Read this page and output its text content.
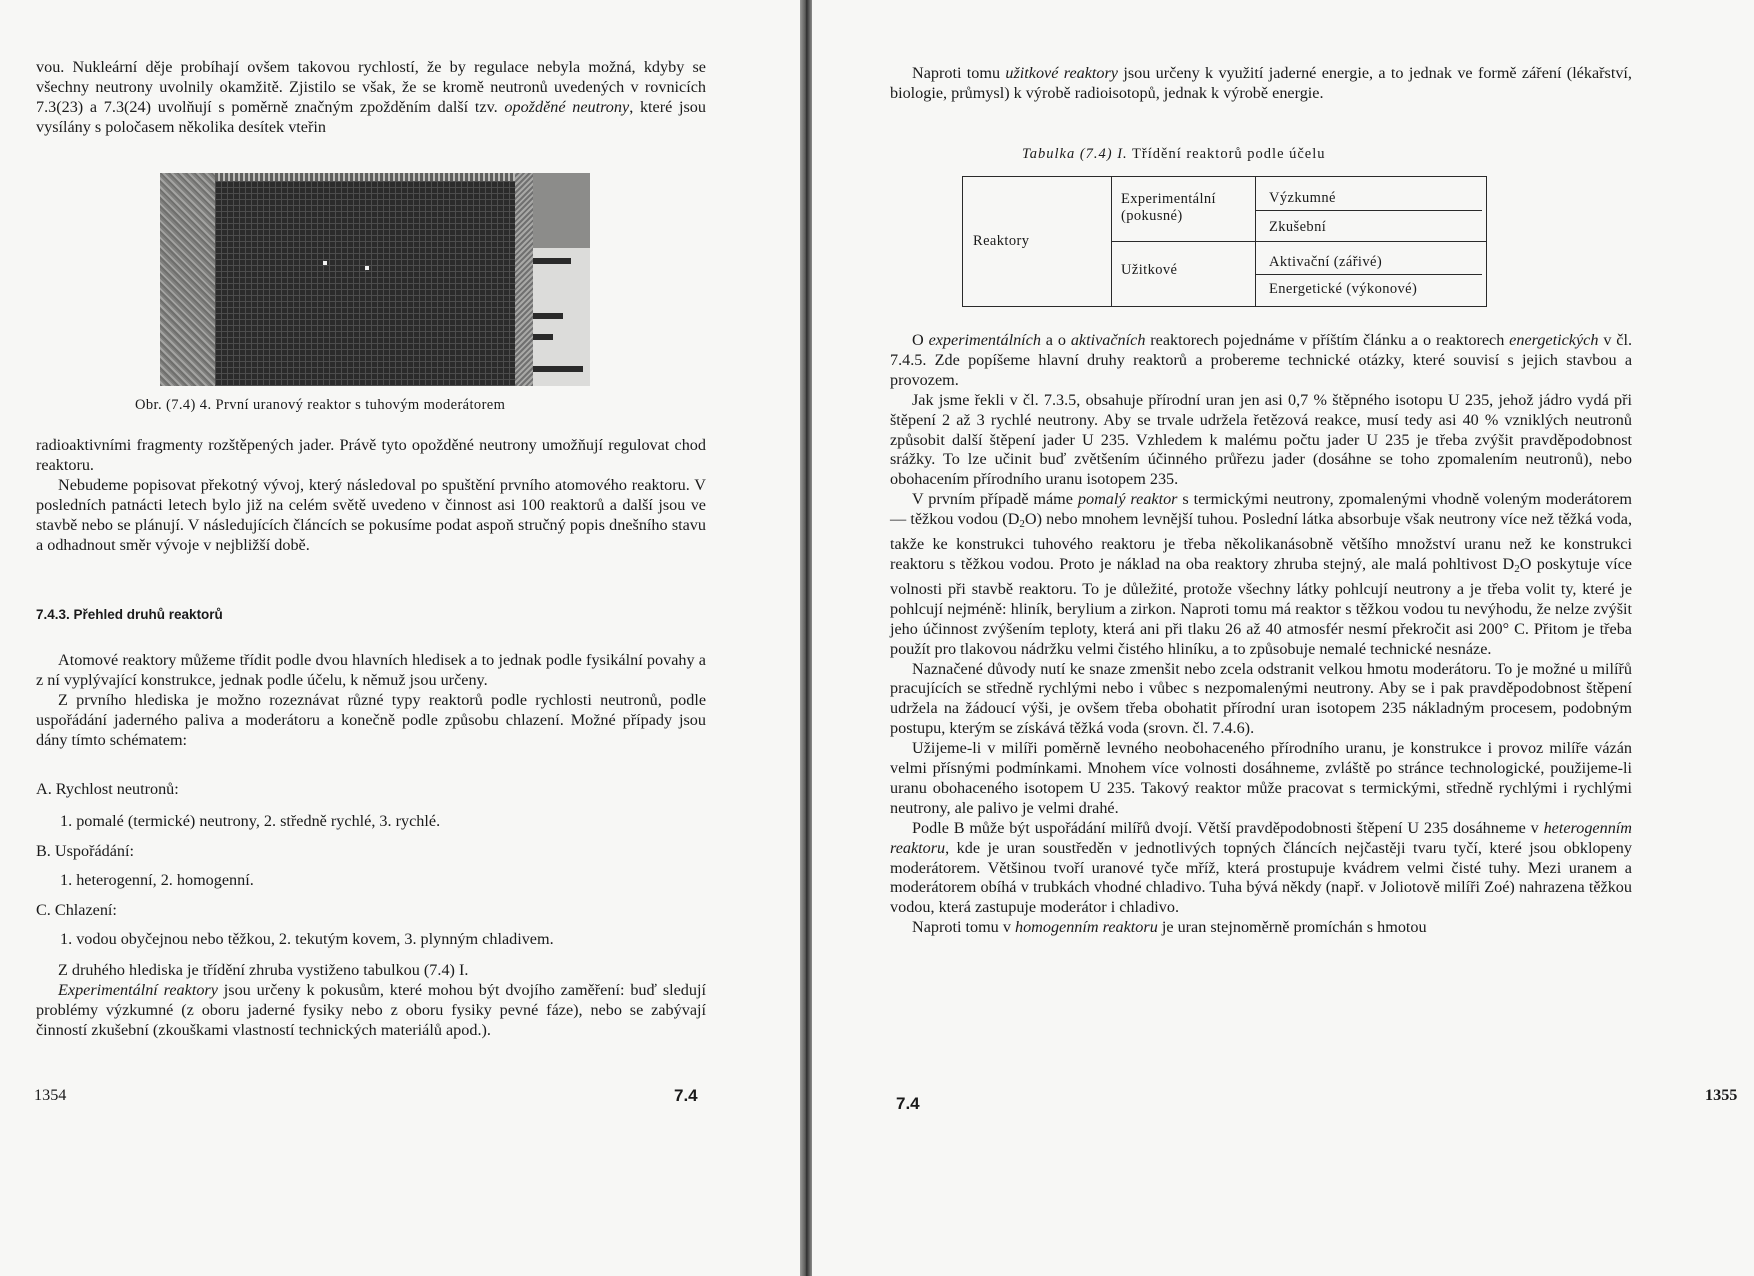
vou. Nukleární děje probíhají ovšem takovou rychlostí, že by regulace nebyla možná, kdyby se všechny neutrony uvolnily okamžitě. Zjistilo se však, že se kromě neutronů uvedených v rovnicích 7.3(23) a 7.3(24) uvolňují s poměrně značným zpožděním další tzv. opožděné neutrony, které jsou vysílány s poločasem několika desítek vteřin

Obr. (7.4) 4. První uranový reaktor s tuhovým moderátorem

radioaktivními fragmenty rozštěpených jader. Právě tyto opožděné neutrony umožňují regulovat chod reaktoru.

Nebudeme popisovat překotný vývoj, který následoval po spuštění prvního atomového reaktoru. V posledních patnácti letech bylo již na celém světě uvedeno v činnost asi 100 reaktorů a další jsou ve stavbě nebo se plánují. V následujících článcích se pokusíme podat aspoň stručný popis dnešního stavu a odhadnout směr vývoje v nejbližší době.

7.4.3. Přehled druhů reaktorů

Atomové reaktory můžeme třídit podle dvou hlavních hledisek a to jednak podle fysikální povahy a z ní vyplývající konstrukce, jednak podle účelu, k němuž jsou určeny.

Z prvního hlediska je možno rozeznávat různé typy reaktorů podle rychlosti neutronů, podle uspořádání jaderného paliva a moderátoru a konečně podle způsobu chlazení. Možné případy jsou dány tímto schématem:

A. Rychlost neutronů:
1. pomalé (termické) neutrony, 2. středně rychlé, 3. rychlé.
B. Uspořádání:
1. heterogenní, 2. homogenní.
C. Chlazení:
1. vodou obyčejnou nebo těžkou, 2. tekutým kovem, 3. plynným chladivem.

Z druhého hlediska je třídění zhruba vystiženo tabulkou (7.4) I.

Experimentální reaktory jsou určeny k pokusům, které mohou být dvojího zaměření: buď sledují problémy výzkumné (z oboru jaderné fysiky nebo z oboru fysiky pevné fáze), nebo se zabývají činností zkušební (zkouškami vlastností technických materiálů apod.).

1354	7.4

Naproti tomu užitkové reaktory jsou určeny k využití jaderné energie, a to jednak ve formě záření (lékařství, biologie, průmysl) k výrobě radioisotopů, jednak k výrobě energie.

Tabulka (7.4) I. Třídění reaktorů podle účelu
Reaktory
Experimentální
(pokusné)
Užitkové
Výzkumné
Zkušební
Aktivační (zářivé)
Energetické (výkonové)

O experimentálních a o aktivačních reaktorech pojednáme v příštím článku a o reaktorech energetických v čl. 7.4.5. Zde popíšeme hlavní druhy reaktorů a probereme technické otázky, které souvisí s jejich stavbou a provozem.

Jak jsme řekli v čl. 7.3.5, obsahuje přírodní uran jen asi 0,7 % štěpného isotopu U 235, jehož jádro vydá při štěpení 2 až 3 rychlé neutrony. Aby se trvale udržela řetězová reakce, musí tedy asi 40 % vzniklých neutronů způsobit další štěpení jader U 235. Vzhledem k malému počtu jader U 235 je třeba zvýšit pravděpodobnost srážky. To lze učinit buď zvětšením účinného průřezu jader (dosáhne se toho zpomalením neutronů), nebo obohacením přírodního uranu isotopem 235.

V prvním případě máme pomalý reaktor s termickými neutrony, zpomalenými vhodně voleným moderátorem — těžkou vodou $(D_2O)$ nebo mnohem levnější tuhou. Poslední látka absorbuje však neutrony více než těžká voda, takže ke konstrukci tuhového reaktoru je třeba několikanásobně většího množství uranu než ke konstrukci reaktoru s těžkou vodou. Proto je náklad na oba reaktory zhruba stejný, ale malá pohltivost $D_2O$ poskytuje více volnosti při stavbě reaktoru. To je důležité, protože všechny látky pohlcují neutrony a je třeba volit ty, které je pohlcují nejméně: hliník, berylium a zirkon. Naproti tomu má reaktor s těžkou vodou tu nevýhodu, že nelze zvýšit jeho účinnost zvýšením teploty, která ani při tlaku 26 až 40 atmosfér nesmí překročit asi 200° C. Přitom je třeba použít pro tlakovou nádržku velmi čistého hliníku, a to způsobuje nemalé technické nesnáze.

Naznačené důvody nutí ke snaze zmenšit nebo zcela odstranit velkou hmotu moderátoru. To je možné u milířů pracujících se středně rychlými nebo i vůbec s nezpomalenými neutrony. Aby se i pak pravděpodobnost štěpení udržela na žádoucí výši, je ovšem třeba obohatit přírodní uran isotopem 235 nákladným procesem, podobným postupu, kterým se získává těžká voda (srovn. čl. 7.4.6).

Užijeme-li v milíři poměrně levného neobohaceného přírodního uranu, je konstrukce i provoz milíře vázán velmi přísnými podmínkami. Mnohem více volnosti dosáhneme, zvláště po stránce technologické, použijeme-li uranu obohaceného isotopem U 235. Takový reaktor může pracovat s termickými, středně rychlými i rychlými neutrony, ale palivo je velmi drahé.

Podle B může být uspořádání milířů dvojí. Větší pravděpodobnosti štěpení U 235 dosáhneme v heterogenním reaktoru, kde je uran soustředěn v jednotlivých topných článcích nejčastěji tvaru tyčí, které jsou obklopeny moderátorem. Většinou tvoří uranové tyče mříž, která prostupuje kvádrem velmi čisté tuhy. Mezi uranem a moderátorem obíhá v trubkách vhodné chladivo. Tuha bývá někdy (např. v Joliotově milíři Zoé) nahrazena těžkou vodou, která zastupuje moderátor i chladivo.

Naproti tomu v homogenním reaktoru je uran stejnoměrně promíchán s hmotou

7.4	1355
